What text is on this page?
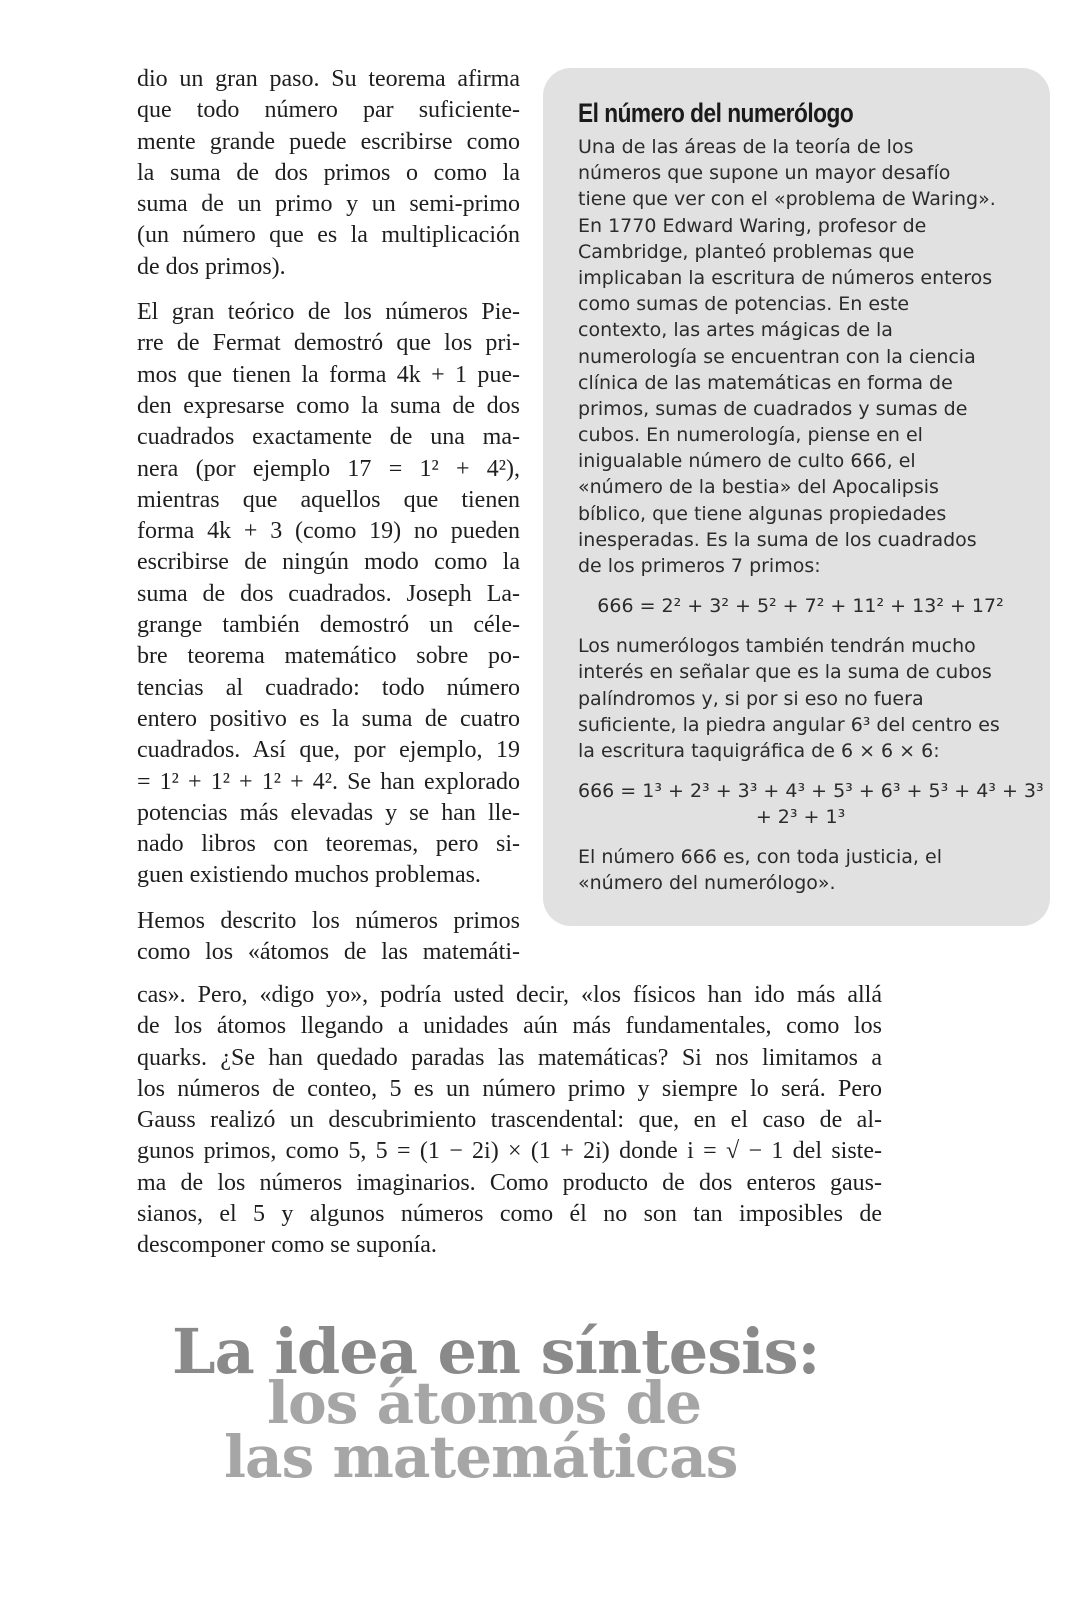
dio un gran paso. Su teorema afirma
que todo número par suficiente-
mente grande puede escribirse como
la suma de dos primos o como la
suma de un primo y un semi-primo
(un número que es la multiplicación
de dos primos).
El gran teórico de los números Pie-
rre de Fermat demostró que los pri-
mos que tienen la forma 4k + 1 pue-
den expresarse como la suma de dos
cuadrados exactamente de una ma-
nera (por ejemplo 17 = 1² + 4²),
mientras que aquellos que tienen
forma 4k + 3 (como 19) no pueden
escribirse de ningún modo como la
suma de dos cuadrados. Joseph La-
grange también demostró un céle-
bre teorema matemático sobre po-
tencias al cuadrado: todo número
entero positivo es la suma de cuatro
cuadrados. Así que, por ejemplo, 19
= 1² + 1² + 1² + 4². Se han explorado
potencias más elevadas y se han lle-
nado libros con teoremas, pero si-
guen existiendo muchos problemas.
Hemos descrito los números primos
como los «átomos de las matemáti-
cas». Pero, «digo yo», podría usted decir, «los físicos han ido más allá
de los átomos llegando a unidades aún más fundamentales, como los
quarks. ¿Se han quedado paradas las matemáticas? Si nos limitamos a
los números de conteo, 5 es un número primo y siempre lo será. Pero
Gauss realizó un descubrimiento trascendental: que, en el caso de al-
gunos primos, como 5, 5 = (1 − 2i) × (1 + 2i) donde i = √ − 1 del siste-
ma de los números imaginarios. Como producto de dos enteros gaus-
sianos, el 5 y algunos números como él no son tan imposibles de
descomponer como se suponía.
El número del numerólogo
Una de las áreas de la teoría de los
números que supone un mayor desafío
tiene que ver con el «problema de Waring».
En 1770 Edward Waring, profesor de
Cambridge, planteó problemas que
implicaban la escritura de números enteros
como sumas de potencias. En este
contexto, las artes mágicas de la
numerología se encuentran con la ciencia
clínica de las matemáticas en forma de
primos, sumas de cuadrados y sumas de
cubos. En numerología, piense en el
inigualable número de culto 666, el
«número de la bestia» del Apocalipsis
bíblico, que tiene algunas propiedades
inesperadas. Es la suma de los cuadrados
de los primeros 7 primos:
666 = 2² + 3² + 5² + 7² + 11² + 13² + 17²
Los numerólogos también tendrán mucho
interés en señalar que es la suma de cubos
palíndromos y, si por si eso no fuera
suficiente, la piedra angular 6³ del centro es
la escritura taquigráfica de 6 × 6 × 6:
666 = 1³ + 2³ + 3³ + 4³ + 5³ + 6³ + 5³ + 4³ + 3³
+ 2³ + 1³
El número 666 es, con toda justicia, el
«número del numerólogo».
La idea en síntesis:
los átomos de
las matemáticas
